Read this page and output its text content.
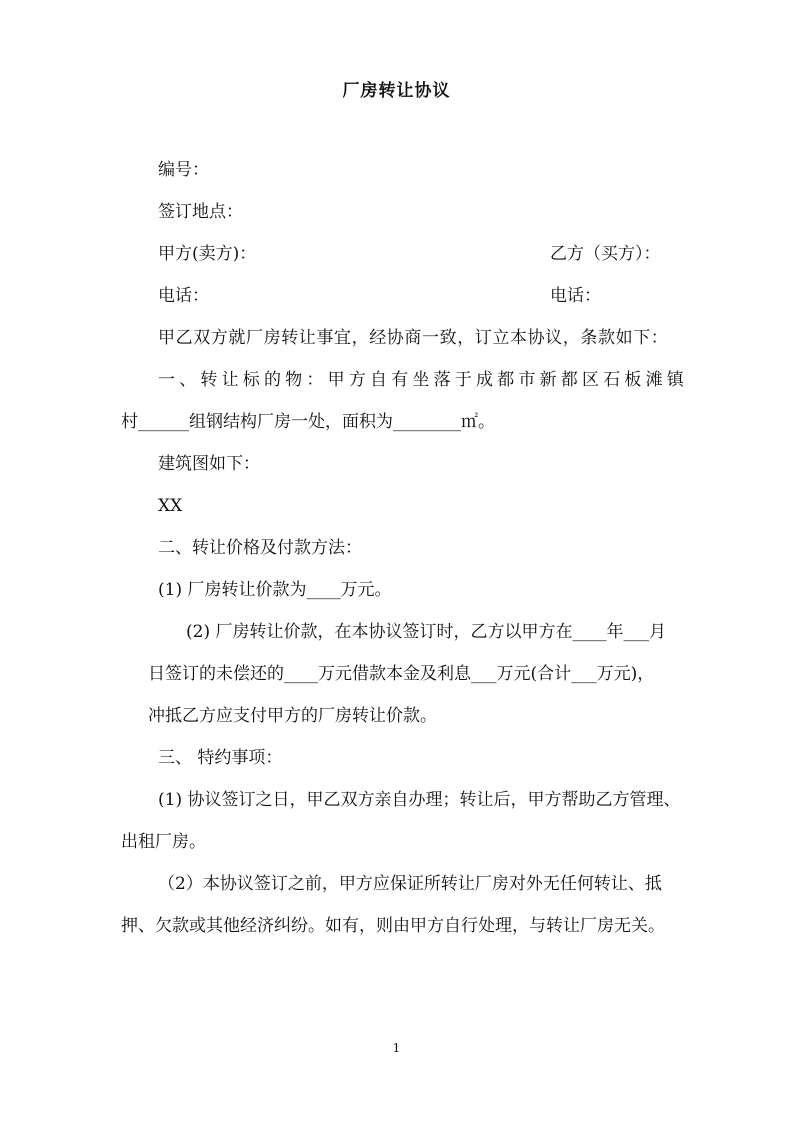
厂房转让协议
编号：
签订地点：
甲方(卖方)：	乙方（买方）：
电话：	电话：
甲乙双方就厂房转让事宜，经协商一致，订立本协议，条款如下：
一、转让标的物：甲方自有坐落于成都市新都区石板滩镇
村______组钢结构厂房一处，面积为________㎡。
建筑图如下：
XX
二、转让价格及付款方法：
(1) 厂房转让价款为____万元。
(2) 厂房转让价款，在本协议签订时，乙方以甲方在____年___月
日签订的未偿还的____万元借款本金及利息___万元(合计___万元)，
冲抵乙方应支付甲方的厂房转让价款。
三、 特约事项：
(1) 协议签订之日，甲乙双方亲自办理；转让后，甲方帮助乙方管理、
出租厂房。
（2）本协议签订之前，甲方应保证所转让厂房对外无任何转让、抵
押、欠款或其他经济纠纷。如有，则由甲方自行处理，与转让厂房无关。
1
